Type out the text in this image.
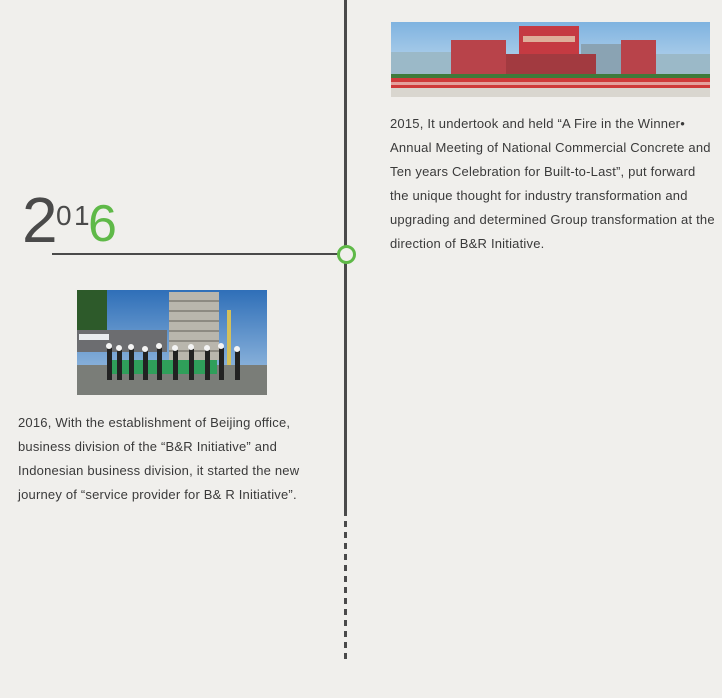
2
0 1
6
2015, It undertook and held “A Fire in the Winner• Annual Meeting of National Commercial Concrete and Ten years Celebration for Built-to-Last”, put forward the unique thought for industry transformation and upgrading and determined Group transformation at the direction of B&R Initiative.
2016, With the establishment of Beijing office, business division of the “B&R Initiative” and Indonesian business division, it started the new journey of “service provider for B& R Initiative”.
